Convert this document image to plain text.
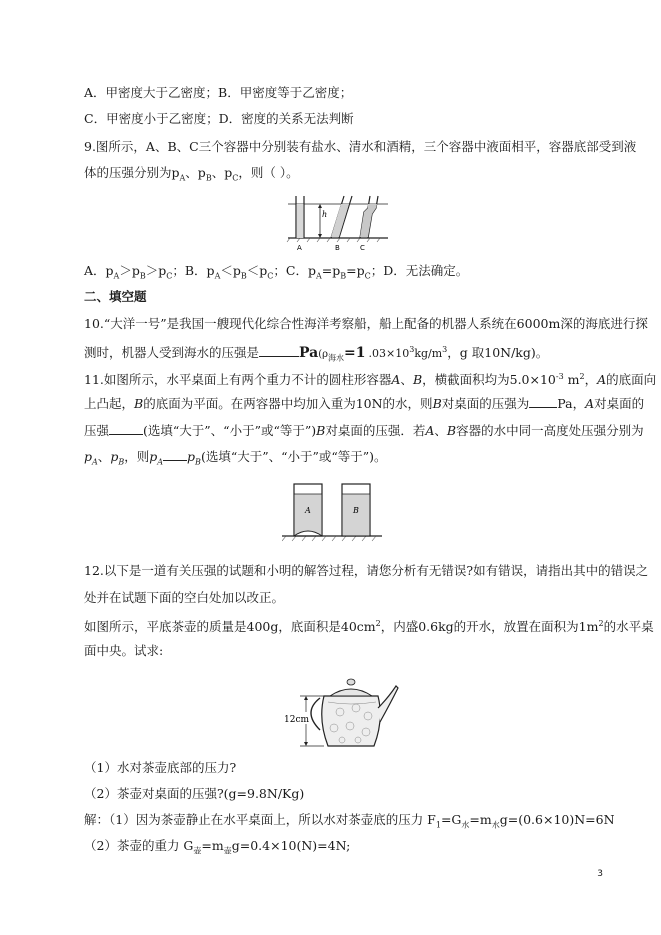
A．甲密度大于乙密度；B．甲密度等于乙密度；
C．甲密度小于乙密度；D．密度的关系无法判断
9.图所示，A、B、C三个容器中分别装有盐水、清水和酒精，三个容器中液面相平，容器底部受到液
体的压强分别为$p_A$、$p_B$、$p_C$，则（ ）。
h
A	B	C
A．$p_A>p_B>p_C$；B．$p_A<p_B<p_C$；C．$p_A=p_B=p_C$；D．无法确定。
二、填空题
10.“大洋一号”是我国一艘现代化综合性海洋考察船，船上配备的机器人系统在6000m深的海底进行探
测时，机器人受到海水的压强是	$Pa(\rho_{海水}=1$ $.03\times 10^3kg/m^3$，g 取10N/kg)。
11.如图所示，水平桌面上有两个重力不计的圆柱形容器A、B，横截面积均为$5.0\times 10^{-3}$ $m^2$，A的底面向
上凸起，B的底面为平面。在两容器中均加入重为10N的水，则B对桌面的压强为 Pa，A对桌面的
压强	(选填“大于”、“小于”或“等于”)B对桌面的压强．若A、B容器的水中同一高度处压强分别为
$p_A$、$p_B$，则$p_A$ $p_B$(选填“大于”、“小于”或“等于”)。
A	B
12.以下是一道有关压强的试题和小明的解答过程，请您分析有无错误?如有错误，请指出其中的错误之
处并在试题下面的空白处加以改正。
如图所示，平底茶壶的质量是400g，底面积是$40cm^2$，内盛0.6kg的开水，放置在面积为$1m^2$的水平桌
面中央。试求:
12cm
（1）水对茶壶底部的压力?
（2）茶壶对桌面的压强?(g=9.8N/Kg)
解：（1）因为茶壶静止在水平桌面上，所以水对茶壶底的压力 $F_1=G_水=m_水g=(0.6\times 10)N=6N$
（2）茶壶的重力 $G_壶=m_壶g=0.4\times 10(N)=4N$;
3
